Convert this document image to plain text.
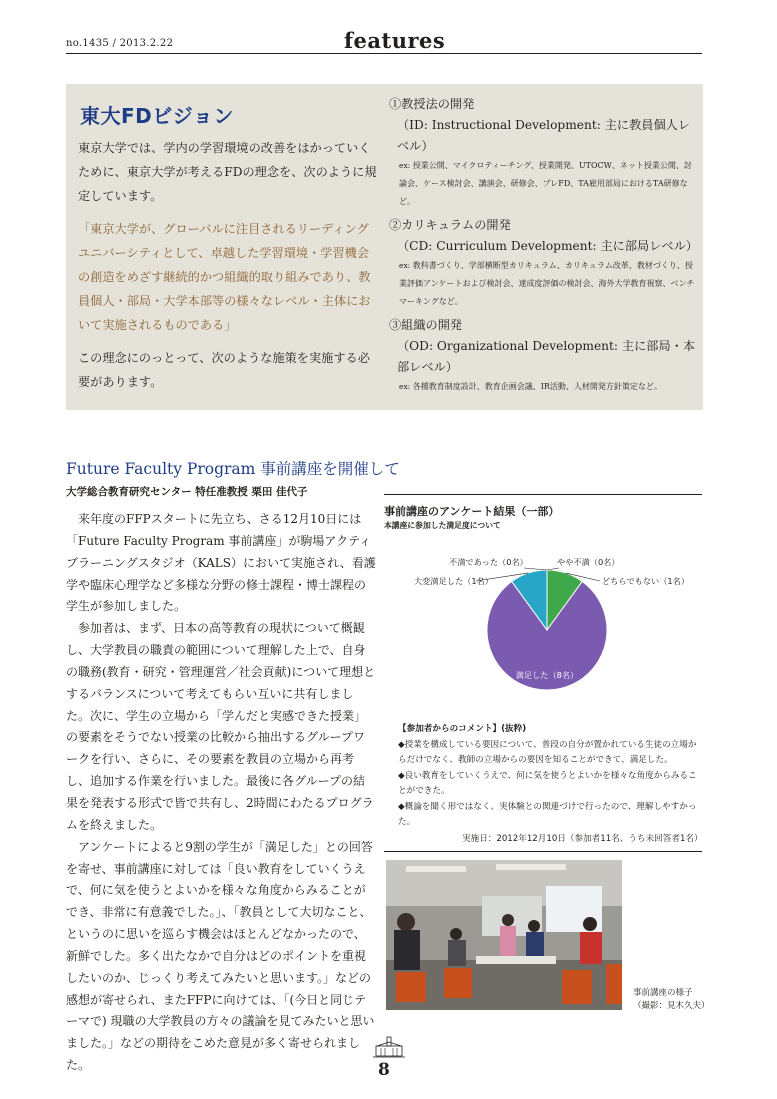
no.1435 / 2013.2.22	features
東大FDビジョン
東京大学では、学内の学習環境の改善をはかっていくために、東京大学が考えるFDの理念を、次のように規定しています。
「東京大学が、グローバルに注目されるリーディングユニバーシティとして、卓越した学習環境・学習機会の創造をめざす継続的かつ組織的取り組みであり、教員個人・部局・大学本部等の様々なレベル・主体において実施されるものである」
この理念にのっとって、次のような施策を実施する必要があります。
①教授法の開発
（ID: Instructional Development: 主に教員個人レベル）
ex: 授業公開、マイクロティーチング、授業開発、UTOCW、ネット授業公開、討論会、ケース検討会、講演会、研修会、プレFD、TA雇用部局におけるTA研修など。
②カリキュラムの開発
（CD: Curriculum Development: 主に部局レベル）
ex: 教科書づくり、学部横断型カリキュラム、カリキュラム改革、教材づくり、授業評価アンケートおよび検討会、達成度評価の検討会、海外大学教育視察、ベンチマーキングなど。
③組織の開発
（OD: Organizational Development: 主に部局・本部レベル）
ex: 各種教育制度設計、教育企画会議、IR活動、人材開発方針策定など。
Future Faculty Program 事前講座を開催して
大学総合教育研究センター 特任准教授 栗田 佳代子

来年度のFFPスタートに先立ち、さる12月10日には「Future Faculty Program 事前講座」が駒場アクティブラーニングスタジオ（KALS）において実施され、看護学や臨床心理学など多様な分野の修士課程・博士課程の学生が参加しました。

参加者は、まず、日本の高等教育の現状について概観し、大学教員の職責の範囲について理解した上で、自身の職務(教育・研究・管理運営／社会貢献)について理想とするバランスについて考えてもらい互いに共有しました。次に、学生の立場から「学んだと実感できた授業」の要素をそうでない授業の比較から抽出するグループワークを行い、さらに、その要素を教員の立場から再考し、追加する作業を行いました。最後に各グループの結果を発表する形式で皆で共有し、2時間にわたるプログラムを終えました。

アンケートによると9割の学生が「満足した」との回答を寄せ、事前講座に対しては「良い教育をしていくうえで、何に気を使うとよいかを様々な角度からみることができ、非常に有意義でした。」、「教員として大切なこと、というのに思いを巡らす機会はほとんどなかったので、新鮮でした。多く出たなかで自分はどのポイントを重視したいのか、じっくり考えてみたいと思います。」などの感想が寄せられ、またFFPに向けては、「(今日と同じテーマで) 現職の大学教員の方々の議論を見てみたいと思いました。」などの期待をこめた意見が多く寄せられました。

事前講座のアンケート結果（一部）
本講座に参加した満足度について
満足した（8名）
大変満足した（1名）
不満であった（0名）	やや不満（0名）
どちらでもない（1名）
【参加者からのコメント】(抜粋)
◆授業を構成している要因について、普段の自分が置かれている生徒の立場からだけでなく、教師の立場からの要因を知ることができて、満足した。
◆良い教育をしていくうえで、何に気を使うとよいかを様々な角度からみることができた。
◆概論を聞く形ではなく、実体験との関連づけで行ったので、理解しやすかった。
実施日：2012年12月10日（参加者11名、うち未回答者1名）
事前講座の様子
（撮影：見木久夫）
8
